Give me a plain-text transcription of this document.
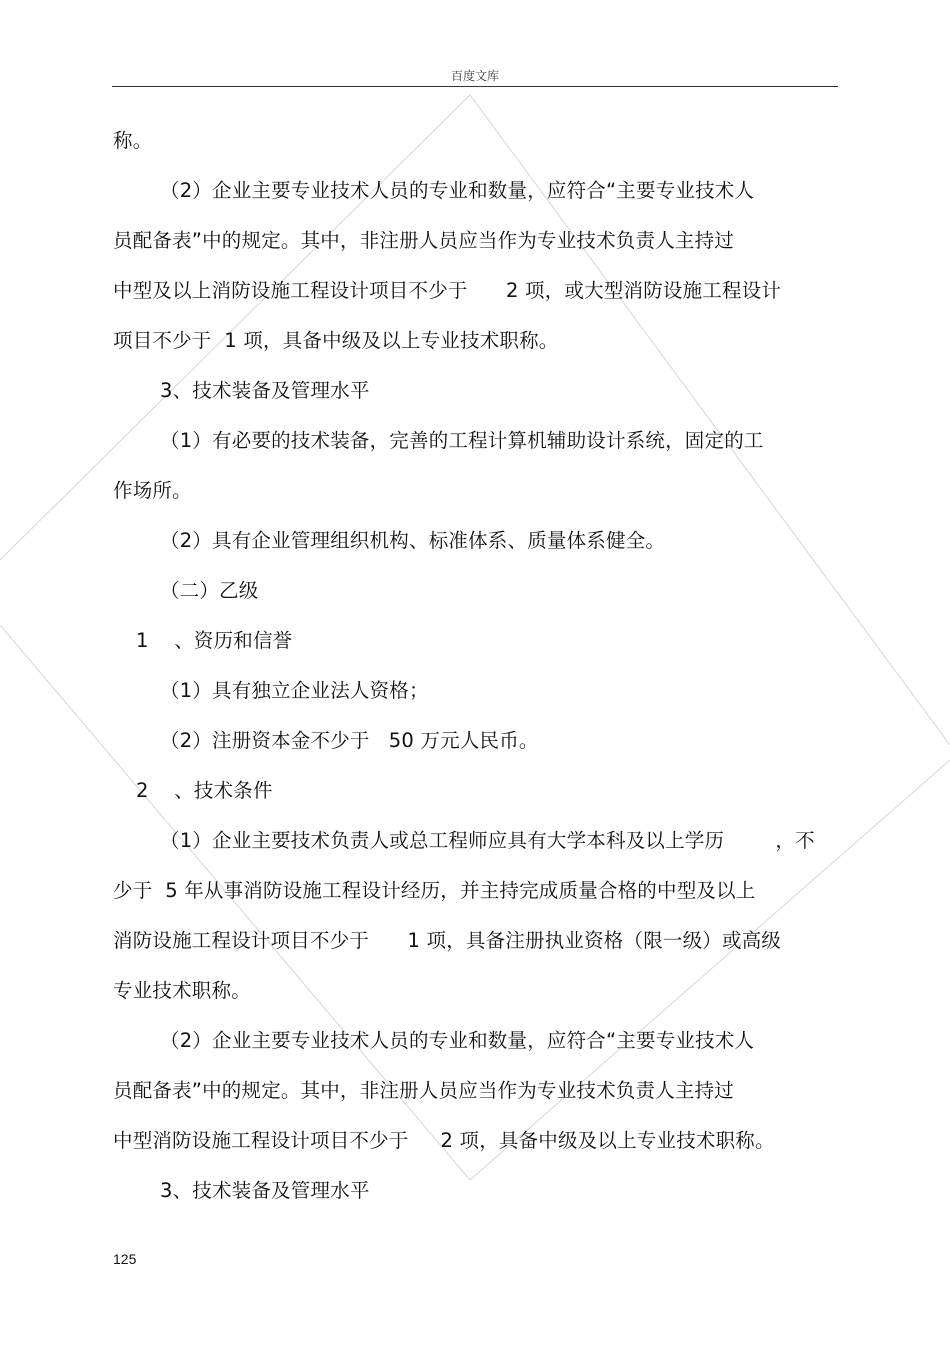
百度文库
称。
（2）企业主要专业技术人员的专业和数量，应符合“主要专业技术人
员配备表”中的规定。其中，非注册人员应当作为专业技术负责人主持过
中型及以上消防设施工程设计项目不少于      2 项，或大型消防设施工程设计
项目不少于  1 项，具备中级及以上专业技术职称。
3、技术装备及管理水平
（1）有必要的技术装备，完善的工程计算机辅助设计系统，固定的工
作场所。
（2）具有企业管理组织机构、标准体系、质量体系健全。
（二）乙级
1    、资历和信誉
（1）具有独立企业法人资格；
（2）注册资本金不少于   50 万元人民币。
2    、技术条件
（1）企业主要技术负责人或总工程师应具有大学本科及以上学历        ，不
少于  5 年从事消防设施工程设计经历，并主持完成质量合格的中型及以上
消防设施工程设计项目不少于      1 项，具备注册执业资格（限一级）或高级
专业技术职称。
（2）企业主要专业技术人员的专业和数量，应符合“主要专业技术人
员配备表”中的规定。其中，非注册人员应当作为专业技术负责人主持过
中型消防设施工程设计项目不少于     2 项，具备中级及以上专业技术职称。
3、技术装备及管理水平
125
